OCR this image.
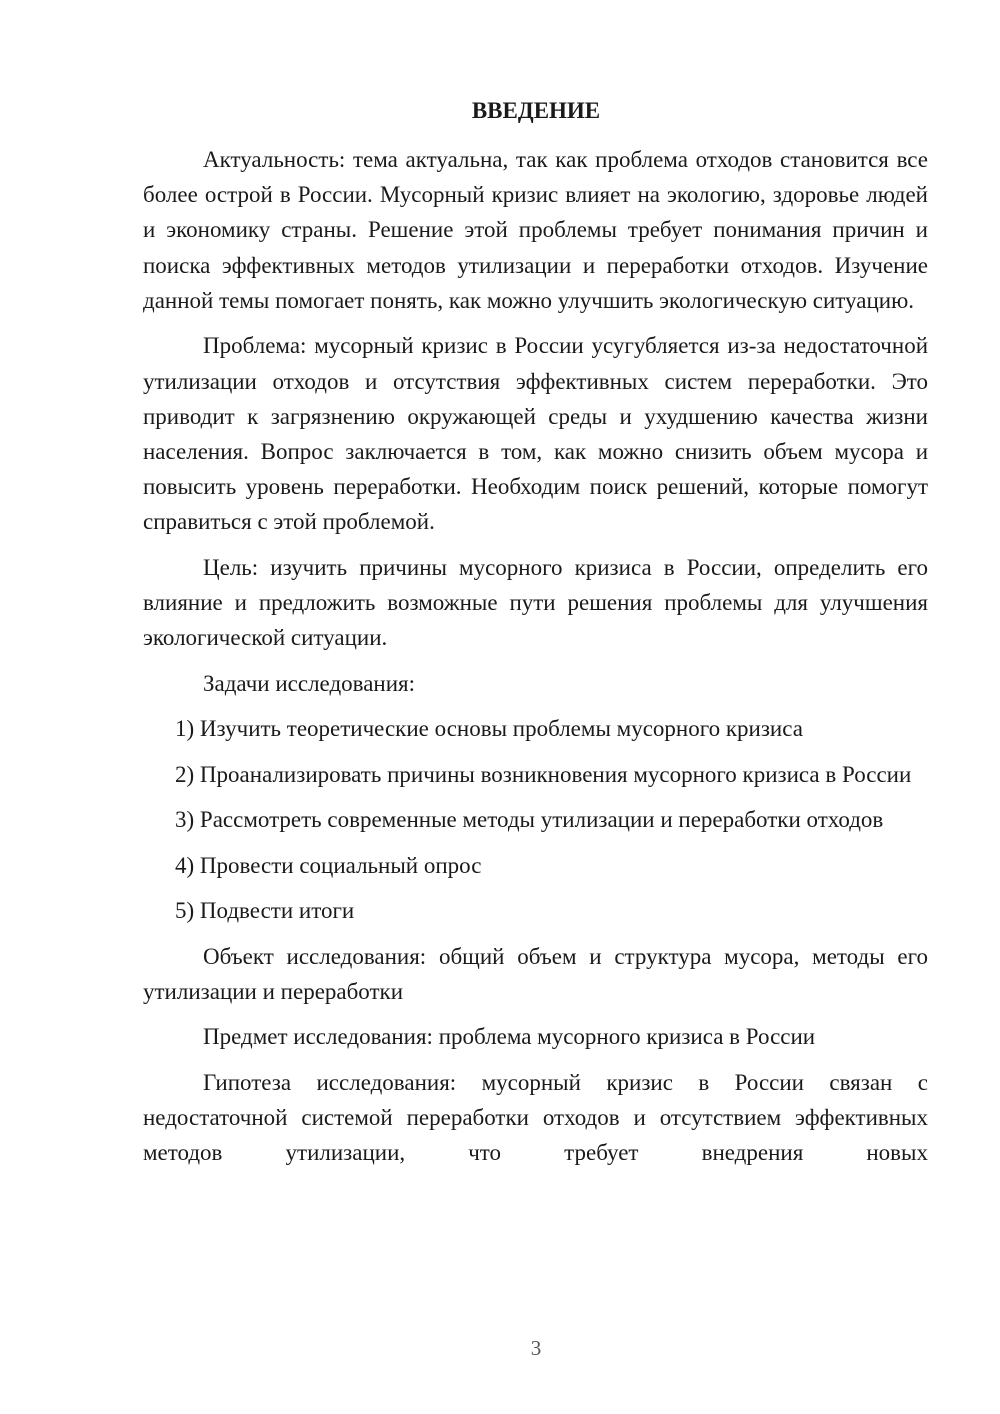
ВВЕДЕНИЕ

Актуальность: тема актуальна, так как проблема отходов становится все более острой в России. Мусорный кризис влияет на экологию, здоровье людей и экономику страны. Решение этой проблемы требует понимания причин и поиска эффективных методов утилизации и переработки отходов. Изучение данной темы помогает понять, как можно улучшить экологическую ситуацию.

Проблема: мусорный кризис в России усугубляется из-за недостаточной утилизации отходов и отсутствия эффективных систем переработки. Это приводит к загрязнению окружающей среды и ухудшению качества жизни населения. Вопрос заключается в том, как можно снизить объем мусора и повысить уровень переработки. Необходим поиск решений, которые помогут справиться с этой проблемой.

Цель: изучить причины мусорного кризиса в России, определить его влияние и предложить возможные пути решения проблемы для улучшения экологической ситуации.

Задачи исследования:

1) Изучить теоретические основы проблемы мусорного кризиса

2) Проанализировать причины возникновения мусорного кризиса в России

3) Рассмотреть современные методы утилизации и переработки отходов

4) Провести социальный опрос

5) Подвести итоги

Объект исследования: общий объем и структура мусора, методы его утилизации и переработки

Предмет исследования: проблема мусорного кризиса в России

Гипотеза исследования: мусорный кризис в России связан с недостаточной системой переработки отходов и отсутствием эффективных методов утилизации, что требует внедрения новых

3
